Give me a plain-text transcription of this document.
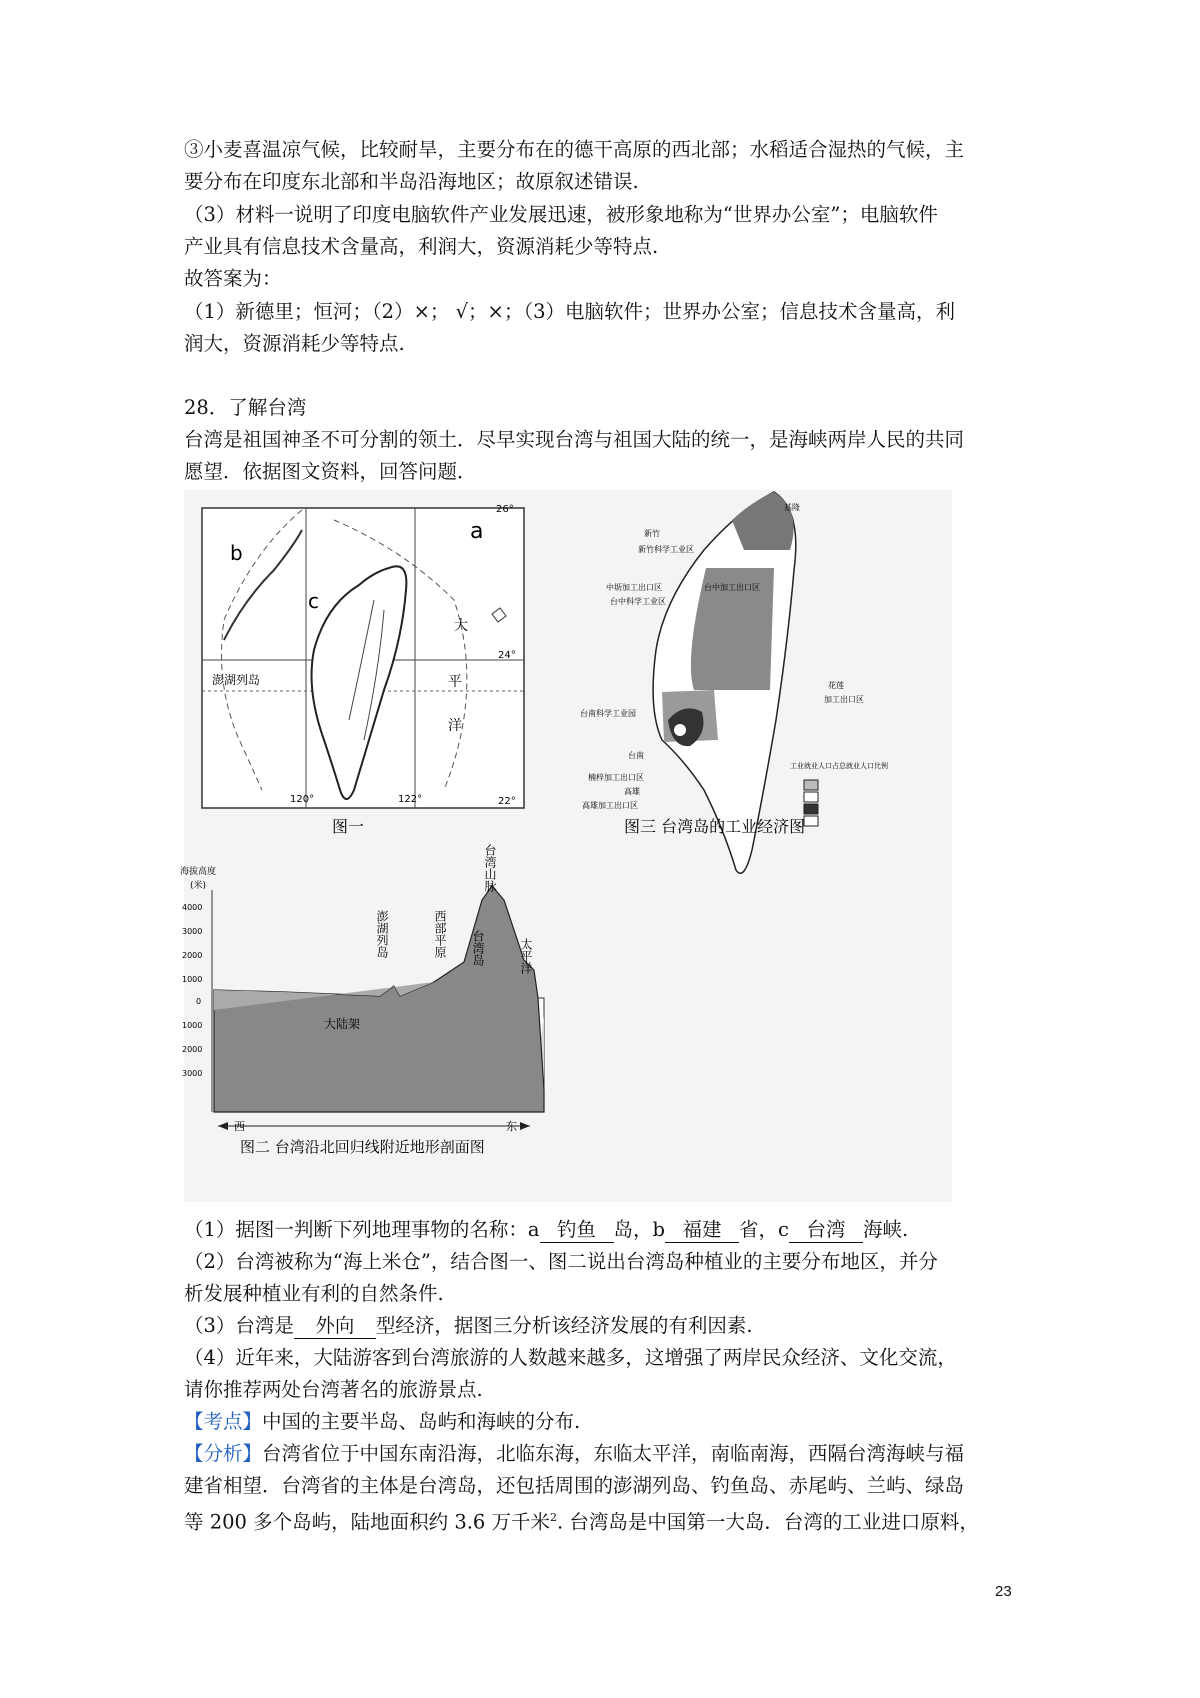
③小麦喜温凉气候，比较耐旱，主要分布在的德干高原的西北部；水稻适合湿热的气候，主
要分布在印度东北部和半岛沿海地区；故原叙述错误.
（3）材料一说明了印度电脑软件产业发展迅速，被形象地称为“世界办公室”；电脑软件
产业具有信息技术含量高，利润大，资源消耗少等特点.
故答案为：
（1）新德里；恒河；（2）×； √；×；（3）电脑软件；世界办公室；信息技术含量高，利
润大，资源消耗少等特点.
28．了解台湾
台湾是祖国神圣不可分割的领土．尽早实现台湾与祖国大陆的统一，是海峡两岸人民的共同
愿望．依据图文资料，回答问题．
a
b
c
大
平
洋
澎湖列岛
26°
24°
22°
120°	122°
图一
基隆
新竹
新竹科学工业区
中坜加工出口区
台中科学工业区
台中加工出口区
台南科学工业园
台南
楠梓加工出口区
高雄
高雄加工出口区
花莲
加工出口区
工业就业人口占总就业人口比例
图三 台湾岛的工业经济图
海拔高度
(米)
4000
3000
2000
1000
0
1000
2000
3000
澎湖列岛	西部平原
台湾山脉
台湾岛	太平洋
大陆架
西	东
图二 台湾沿北回归线附近地形剖面图
（1）据图一判断下列地理事物的名称：a 钓鱼 岛，b 福建 省，c 台湾 海峡.
（2）台湾被称为“海上米仓”，结合图一、图二说出台湾岛种植业的主要分布地区，并分
析发展种植业有利的自然条件.
（3）台湾是 外向 型经济，据图三分析该经济发展的有利因素.
（4）近年来，大陆游客到台湾旅游的人数越来越多，这增强了两岸民众经济、文化交流，
请你推荐两处台湾著名的旅游景点.
【考点】中国的主要半岛、岛屿和海峡的分布.
【分析】台湾省位于中国东南沿海，北临东海，东临太平洋，南临南海，西隔台湾海峡与福
建省相望．台湾省的主体是台湾岛，还包括周围的澎湖列岛、钓鱼岛、赤尾屿、兰屿、绿岛
等 200 多个岛屿，陆地面积约 3.6 万千米$^2$. 台湾岛是中国第一大岛．台湾的工业进口原料，
23
